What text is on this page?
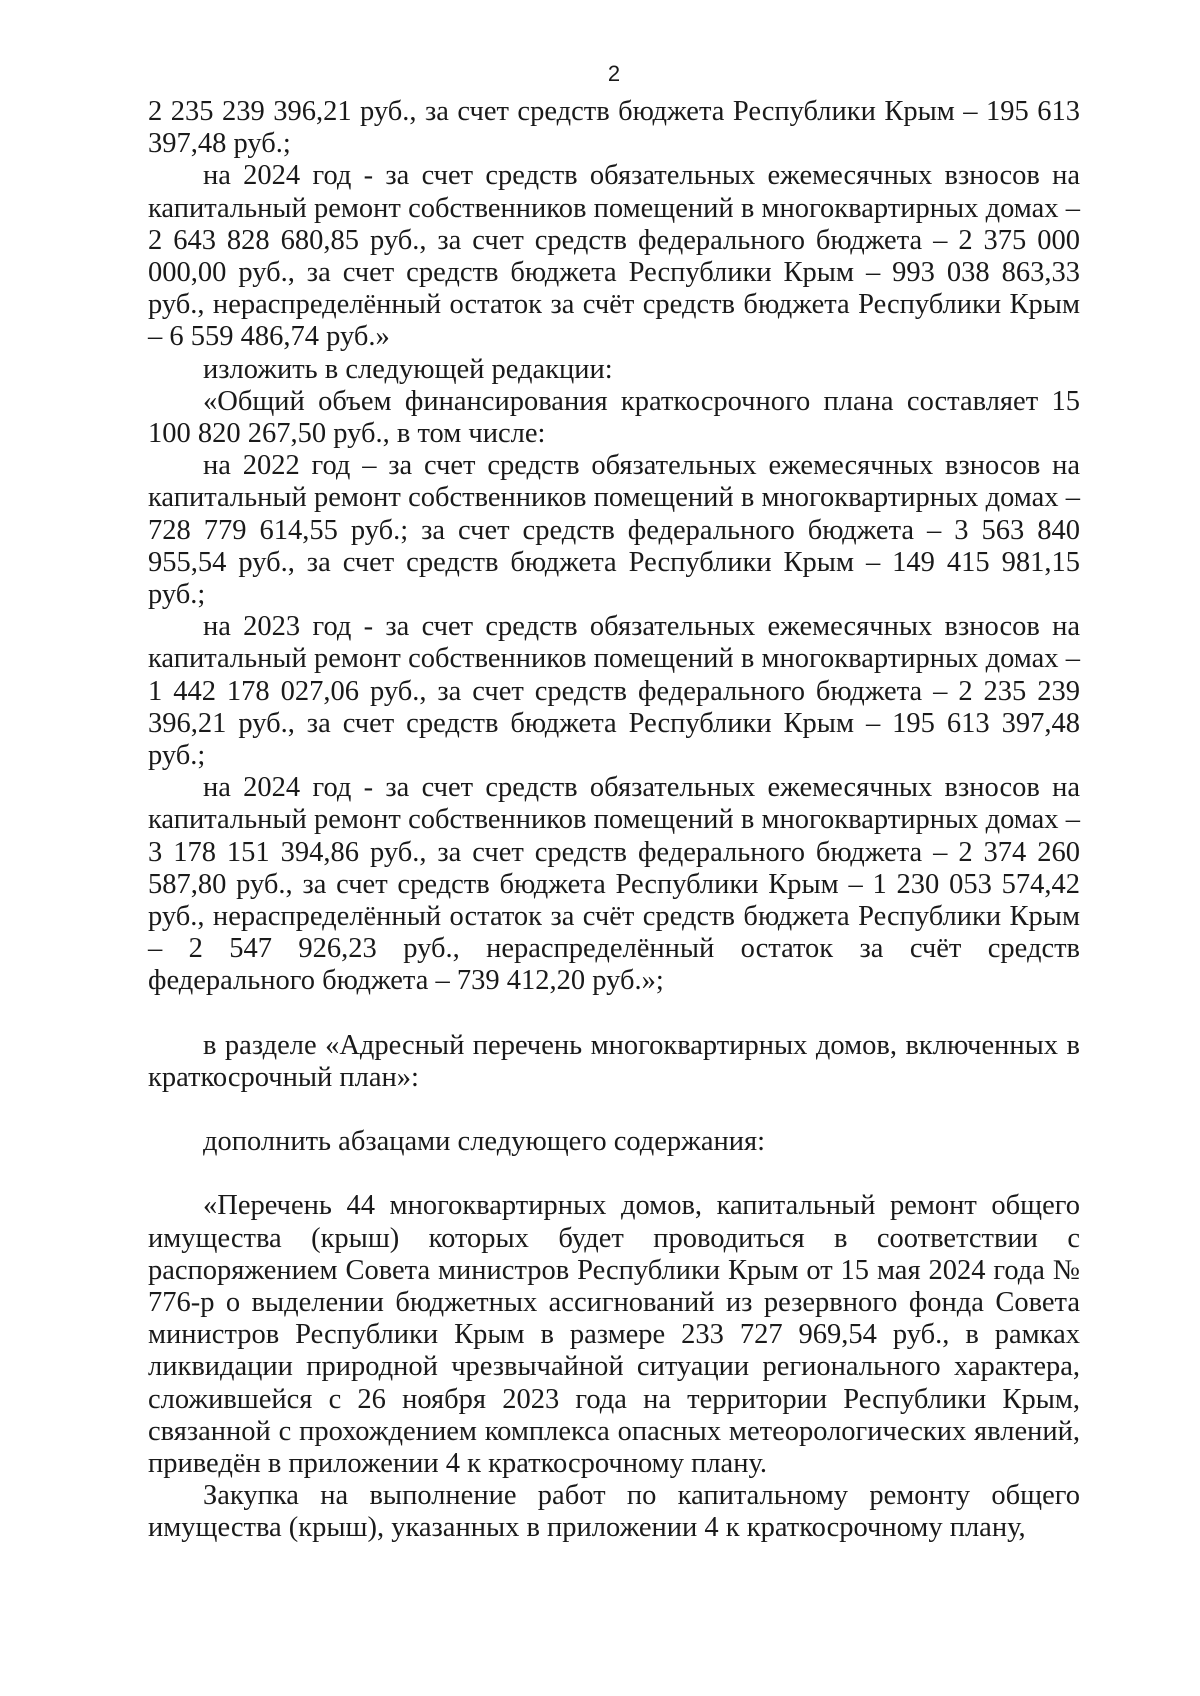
2

2 235 239 396,21 руб., за счет средств бюджета Республики Крым – 195 613 397,48 руб.;

на 2024 год - за счет средств обязательных ежемесячных взносов на капитальный ремонт собственников помещений в многоквартирных домах – 2 643 828 680,85 руб., за счет средств федерального бюджета – 2 375 000 000,00 руб., за счет средств бюджета Республики Крым – 993 038 863,33 руб., нераспределённый остаток за счёт средств бюджета Республики Крым – 6 559 486,74 руб.»

изложить в следующей редакции:

«Общий объем финансирования краткосрочного плана составляет 15 100 820 267,50 руб., в том числе:

на 2022 год – за счет средств обязательных ежемесячных взносов на капитальный ремонт собственников помещений в многоквартирных домах – 728 779 614,55 руб.; за счет средств федерального бюджета – 3 563 840 955,54 руб., за счет средств бюджета Республики Крым – 149 415 981,15 руб.;

на 2023 год - за счет средств обязательных ежемесячных взносов на капитальный ремонт собственников помещений в многоквартирных домах – 1 442 178 027,06 руб., за счет средств федерального бюджета – 2 235 239 396,21 руб., за счет средств бюджета Республики Крым – 195 613 397,48 руб.;

на 2024 год - за счет средств обязательных ежемесячных взносов на капитальный ремонт собственников помещений в многоквартирных домах – 3 178 151 394,86 руб., за счет средств федерального бюджета – 2 374 260 587,80 руб., за счет средств бюджета Республики Крым – 1 230 053 574,42 руб., нераспределённый остаток за счёт средств бюджета Республики Крым – 2 547 926,23 руб., нераспределённый остаток за счёт средств федерального бюджета – 739 412,20 руб.»;

в разделе «Адресный перечень многоквартирных домов, включенных в краткосрочный план»:

дополнить абзацами следующего содержания:

«Перечень 44 многоквартирных домов, капитальный ремонт общего имущества (крыш) которых будет проводиться в соответствии с распоряжением Совета министров Республики Крым от 15 мая 2024 года № 776-р о выделении бюджетных ассигнований из резервного фонда Совета министров Республики Крым в размере 233 727 969,54 руб., в рамках ликвидации природной чрезвычайной ситуации регионального характера, сложившейся с 26 ноября 2023 года на территории Республики Крым, связанной с прохождением комплекса опасных метеорологических явлений, приведён в приложении 4 к краткосрочному плану.

Закупка на выполнение работ по капитальному ремонту общего имущества (крыш), указанных в приложении 4 к краткосрочному плану,
